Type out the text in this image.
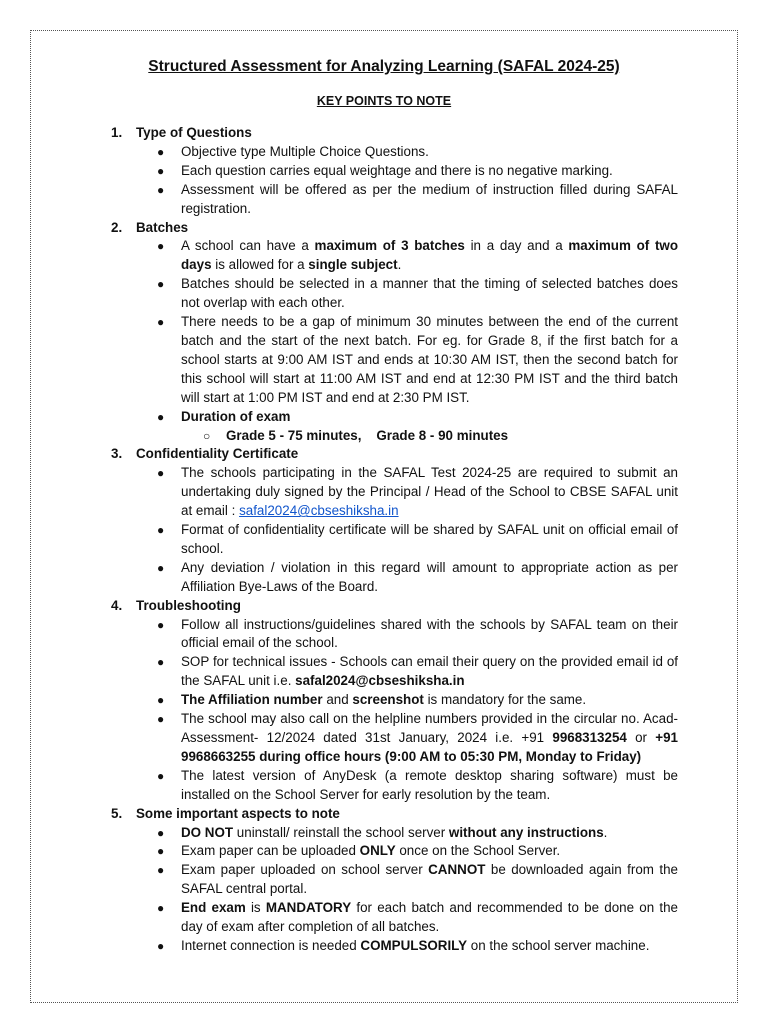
Structured Assessment for Analyzing Learning (SAFAL 2024-25)
KEY POINTS TO NOTE
1. Type of Questions
● Objective type Multiple Choice Questions.
● Each question carries equal weightage and there is no negative marking.
● Assessment will be offered as per the medium of instruction filled during SAFAL registration.
2. Batches
● A school can have a maximum of 3 batches in a day and a maximum of two days is allowed for a single subject.
● Batches should be selected in a manner that the timing of selected batches does not overlap with each other.
● There needs to be a gap of minimum 30 minutes between the end of the current batch and the start of the next batch. For eg. for Grade 8, if the first batch for a school starts at 9:00 AM IST and ends at 10:30 AM IST, then the second batch for this school will start at 11:00 AM IST and end at 12:30 PM IST and the third batch will start at 1:00 PM IST and end at 2:30 PM IST.
● Duration of exam
○ Grade 5 - 75 minutes,    Grade 8 - 90 minutes
3. Confidentiality Certificate
● The schools participating in the SAFAL Test 2024-25 are required to submit an undertaking duly signed by the Principal / Head of the School to CBSE SAFAL unit at email : safal2024@cbseshiksha.in
● Format of confidentiality certificate will be shared by SAFAL unit on official email of school.
● Any deviation / violation in this regard will amount to appropriate action as per Affiliation Bye-Laws of the Board.
4. Troubleshooting
● Follow all instructions/guidelines shared with the schools by SAFAL team on their official email of the school.
● SOP for technical issues - Schools can email their query on the provided email id of the SAFAL unit i.e. safal2024@cbseshiksha.in
● The Affiliation number and screenshot is mandatory for the same.
● The school may also call on the helpline numbers provided in the circular no. Acad-Assessment- 12/2024 dated 31st January, 2024 i.e. +91 9968313254 or +91 9968663255 during office hours (9:00 AM to 05:30 PM, Monday to Friday)
● The latest version of AnyDesk (a remote desktop sharing software) must be installed on the School Server for early resolution by the team.
5. Some important aspects to note
● DO NOT uninstall/ reinstall the school server without any instructions.
● Exam paper can be uploaded ONLY once on the School Server.
● Exam paper uploaded on school server CANNOT be downloaded again from the SAFAL central portal.
● End exam is MANDATORY for each batch and recommended to be done on the day of exam after completion of all batches.
● Internet connection is needed COMPULSORILY on the school server machine.
